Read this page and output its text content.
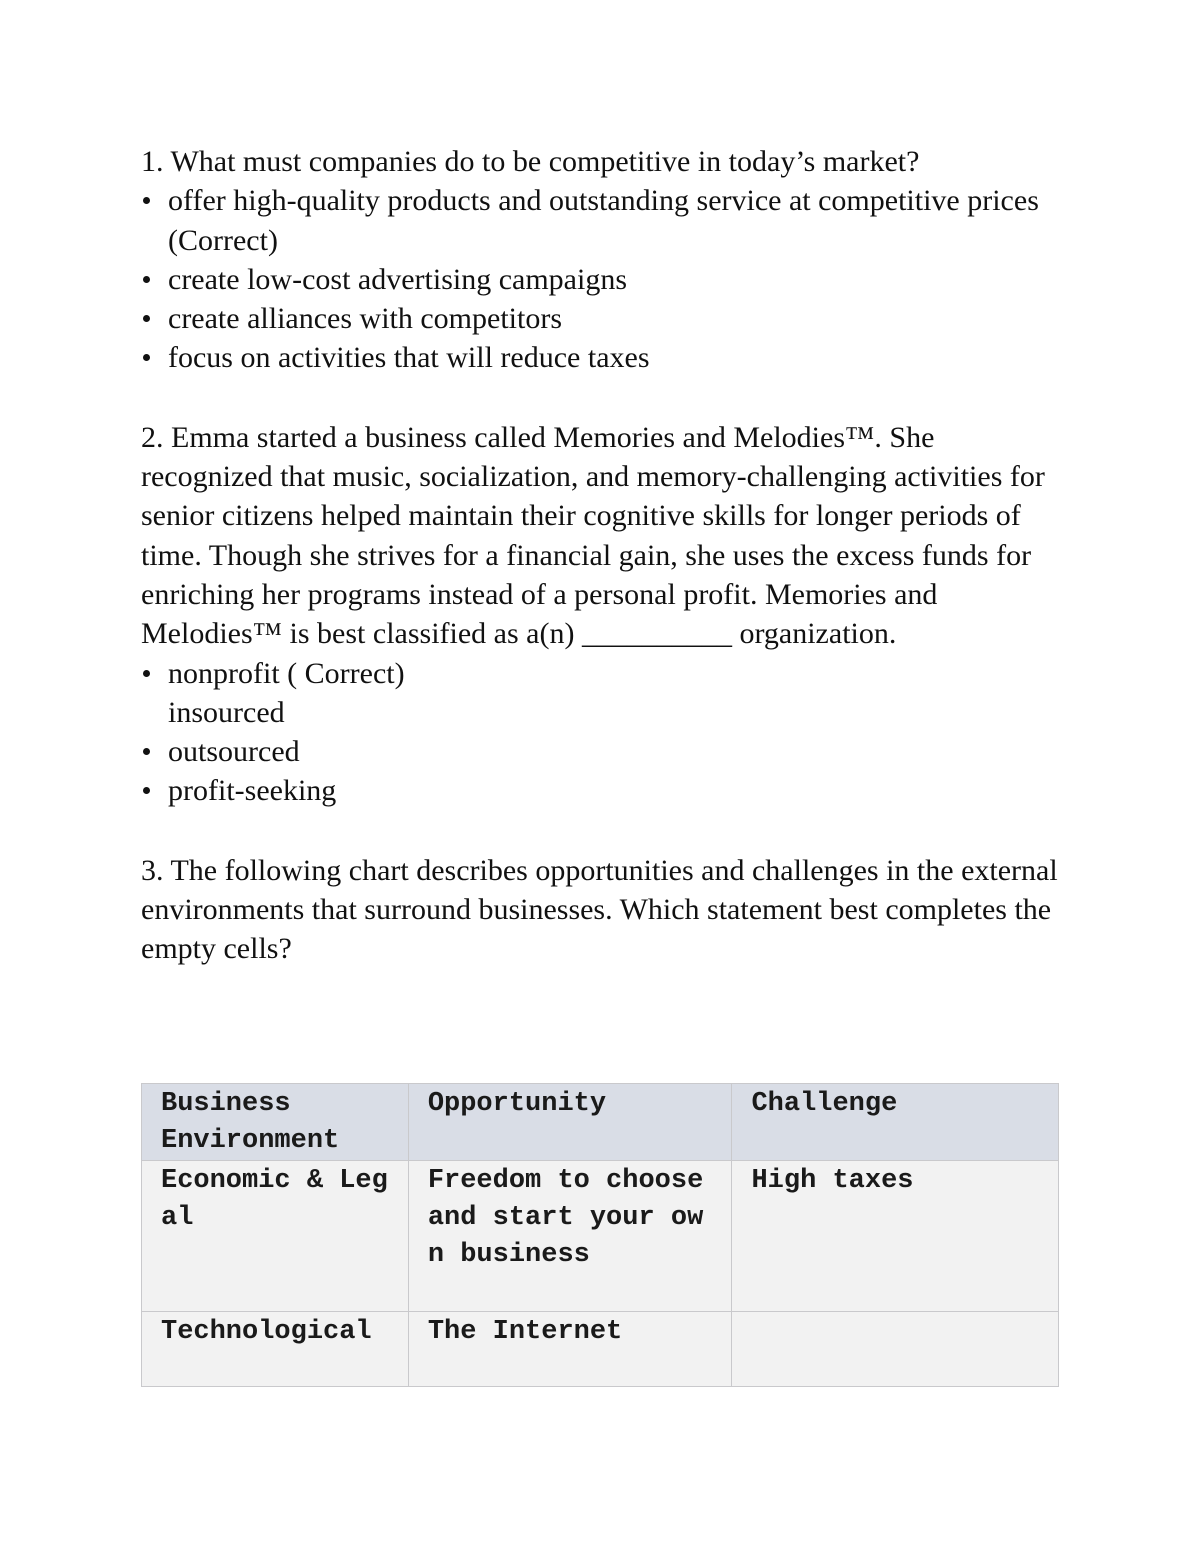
1. What must companies do to be competitive in today’s market?

offer high-quality products and outstanding service at competitive prices (Correct)
create low-cost advertising campaigns
create alliances with competitors
focus on activities that will reduce taxes

2. Emma started a business called Memories and Melodies™. She recognized that music, socialization, and memory-challenging activities for senior citizens helped maintain their cognitive skills for longer periods of time. Though she strives for a financial gain, she uses the excess funds for enriching her programs instead of a personal profit. Memories and Melodies™ is best classified as a(n) __________ organization.

nonprofit ( Correct)
insourced
outsourced
profit-seeking

3. The following chart describes opportunities and challenges in the external environments that surround businesses. Which statement best completes the empty cells?

Business Environment	Opportunity	Challenge
Economic & Legal	Freedom to choose and start your own business	High taxes
Technological	The Internet	
